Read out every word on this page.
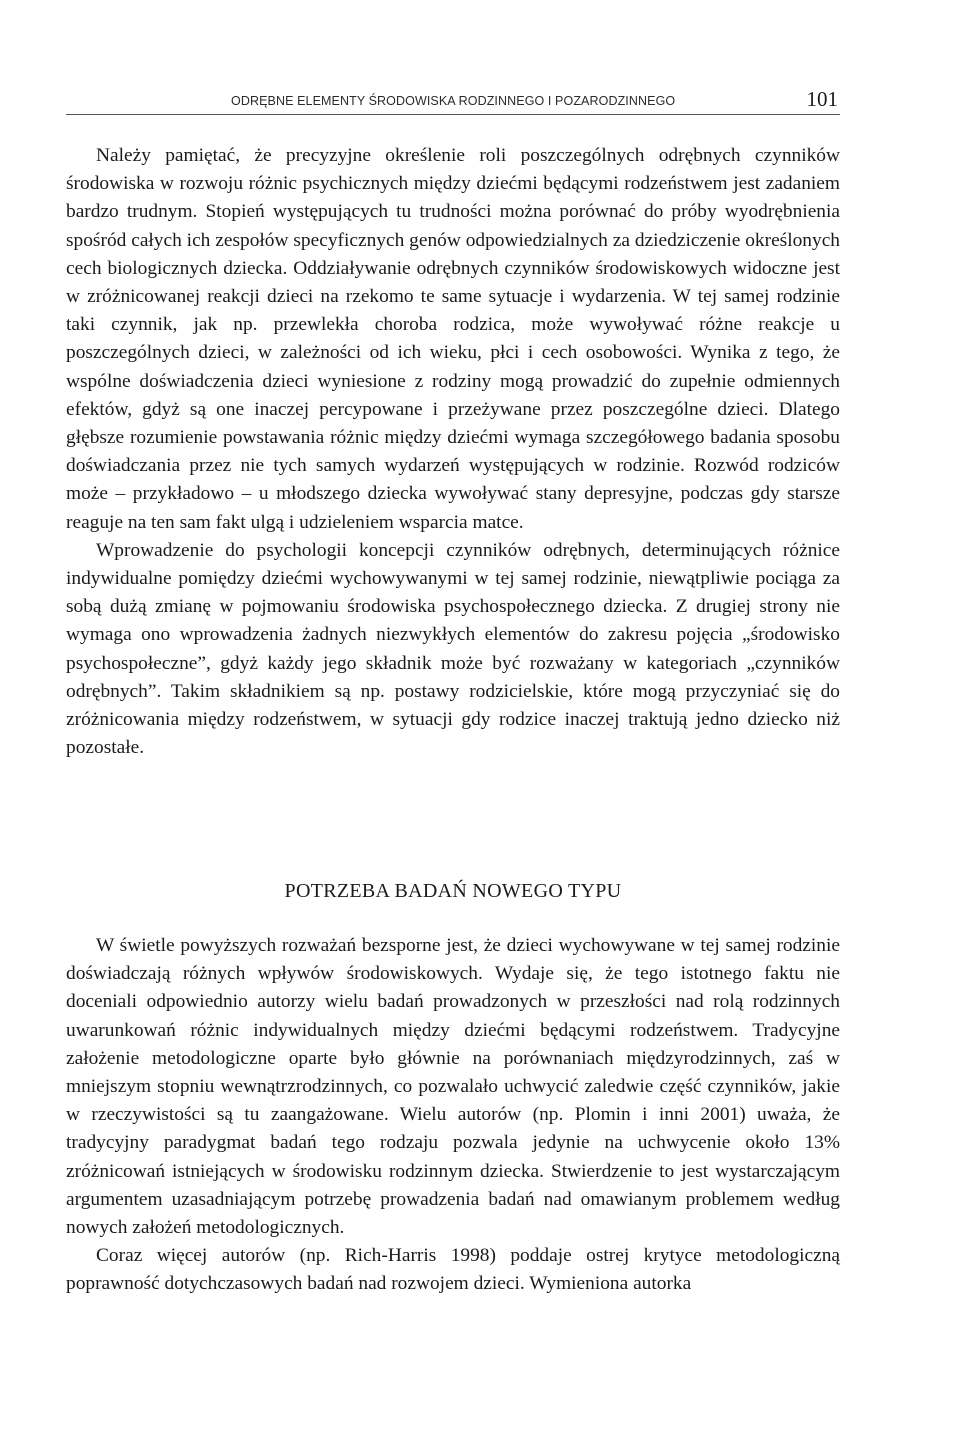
ODRĘBNE ELEMENTY ŚRODOWISKA RODZINNEGO I POZARODZINNEGO	101

Należy pamiętać, że precyzyjne określenie roli poszczególnych odrębnych czynników środowiska w rozwoju różnic psychicznych między dziećmi będącymi rodzeństwem jest zadaniem bardzo trudnym. Stopień występujących tu trudności można porównać do próby wyodrębnienia spośród całych ich zespołów specyficznych genów odpowiedzialnych za dziedziczenie określonych cech biologicznych dziecka. Oddziaływanie odrębnych czynników środowiskowych widoczne jest w zróżnicowanej reakcji dzieci na rzekomo te same sytuacje i wydarzenia. W tej samej rodzinie taki czynnik, jak np. przewlekła choroba rodzica, może wywoływać różne reakcje u poszczególnych dzieci, w zależności od ich wieku, płci i cech osobowości. Wynika z tego, że wspólne doświadczenia dzieci wyniesione z rodziny mogą prowadzić do zupełnie odmiennych efektów, gdyż są one inaczej percypowane i przeżywane przez poszczególne dzieci. Dlatego głębsze rozumienie powstawania różnic między dziećmi wymaga szczegółowego badania sposobu doświadczania przez nie tych samych wydarzeń występujących w rodzinie. Rozwód rodziców może – przykładowo – u młodszego dziecka wywoływać stany depresyjne, podczas gdy starsze reaguje na ten sam fakt ulgą i udzieleniem wsparcia matce.

Wprowadzenie do psychologii koncepcji czynników odrębnych, determinujących różnice indywidualne pomiędzy dziećmi wychowywanymi w tej samej rodzinie, niewątpliwie pociąga za sobą dużą zmianę w pojmowaniu środowiska psychospołecznego dziecka. Z drugiej strony nie wymaga ono wprowadzenia żadnych niezwykłych elementów do zakresu pojęcia „środowisko psychospołeczne”, gdyż każdy jego składnik może być rozważany w kategoriach „czynników odrębnych”. Takim składnikiem są np. postawy rodzicielskie, które mogą przyczyniać się do zróżnicowania między rodzeństwem, w sytuacji gdy rodzice inaczej traktują jedno dziecko niż pozostałe.

POTRZEBA BADAŃ NOWEGO TYPU

W świetle powyższych rozważań bezsporne jest, że dzieci wychowywane w tej samej rodzinie doświadczają różnych wpływów środowiskowych. Wydaje się, że tego istotnego faktu nie doceniali odpowiednio autorzy wielu badań prowadzonych w przeszłości nad rolą rodzinnych uwarunkowań różnic indywidualnych między dziećmi będącymi rodzeństwem. Tradycyjne założenie metodologiczne oparte było głównie na porównaniach międzyrodzinnych, zaś w mniejszym stopniu wewnątrzrodzinnych, co pozwalało uchwycić zaledwie część czynników, jakie w rzeczywistości są tu zaangażowane. Wielu autorów (np. Plomin i inni 2001) uważa, że tradycyjny paradygmat badań tego rodzaju pozwala jedynie na uchwycenie około 13% zróżnicowań istniejących w środowisku rodzinnym dziecka. Stwierdzenie to jest wystarczającym argumentem uzasadniającym potrzebę prowadzenia badań nad omawianym problemem według nowych założeń metodologicznych.

Coraz więcej autorów (np. Rich-Harris 1998) poddaje ostrej krytyce metodologiczną poprawność dotychczasowych badań nad rozwojem dzieci. Wymieniona autorka
